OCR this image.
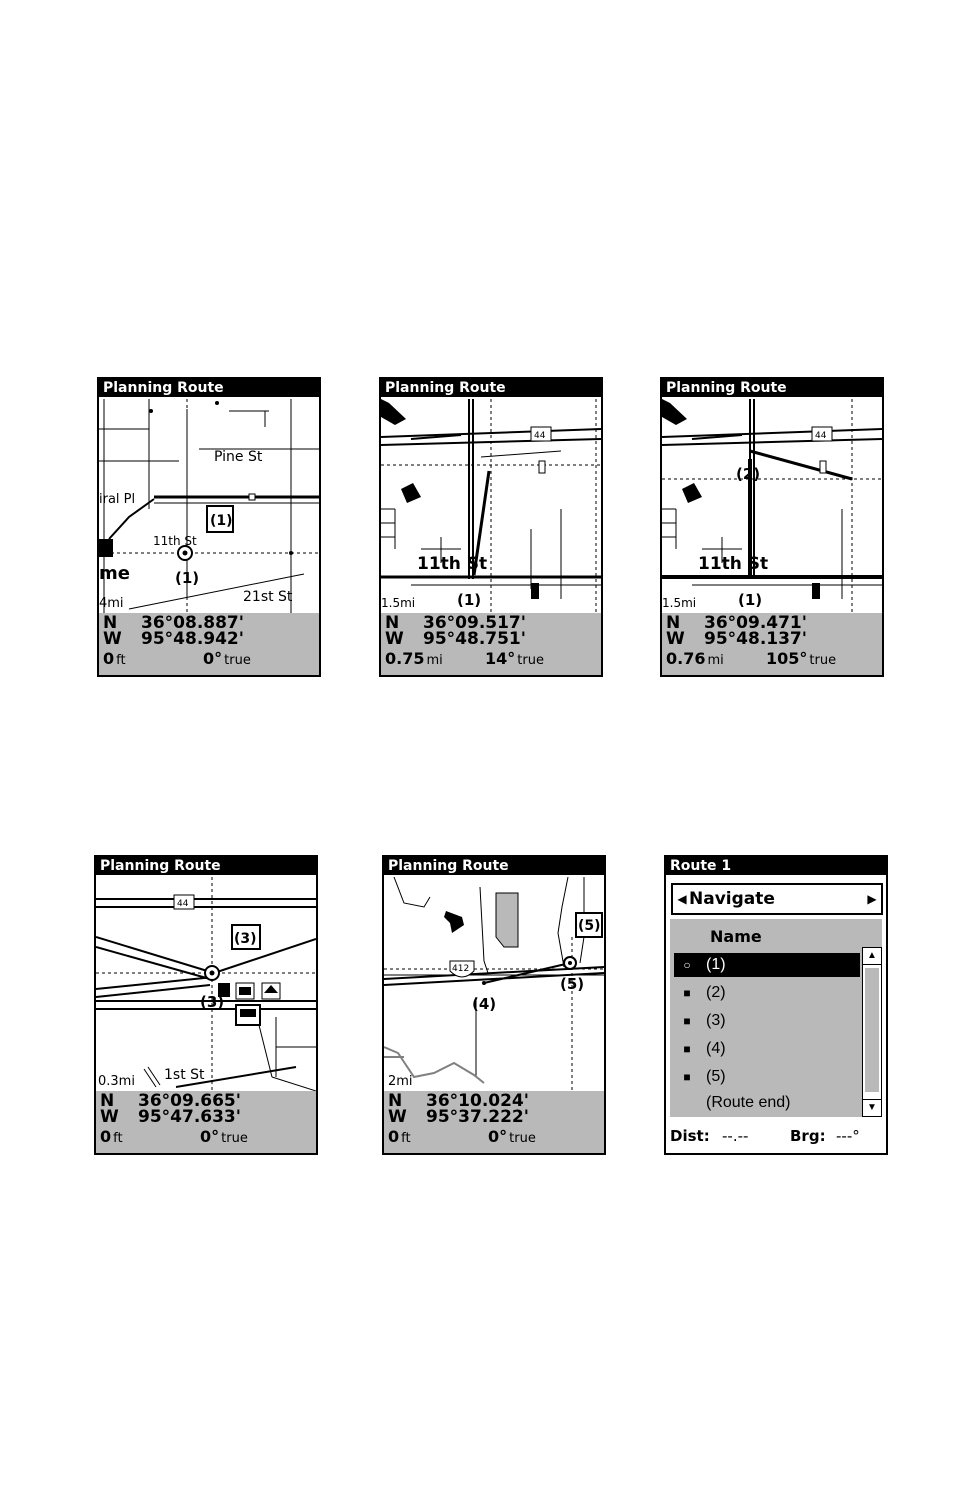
Planning Route
Pine St
iral Pl
11th St
me
(1)
(1)
21st St
4mi
N 36°08.887'
W 95°48.942'
0 ft	0° true
Planning Route
44
11th St
(1)
1.5mi
N 36°09.517'
W 95°48.751'
0.75 mi	14° true
Planning Route
44
(2)
11th St
(1)
1.5mi
N 36°09.471'
W 95°48.137'
0.76 mi	105° true
Planning Route
44
(3)
(3)
0.3mi 1st St
N 36°09.665'
W 95°47.633'
0 ft	0° true
Planning Route
412
(5)
(5)
(4)
2mi
N 36°10.024'
W 95°37.222'
0 ft	0° true
Route 1
◀ Navigate	▶
Name
○ (1)
■ (2)
■ (3)
■ (4)
■ (5)
(Route end)
▲
▼
Dist: --.--	Brg: ---°
